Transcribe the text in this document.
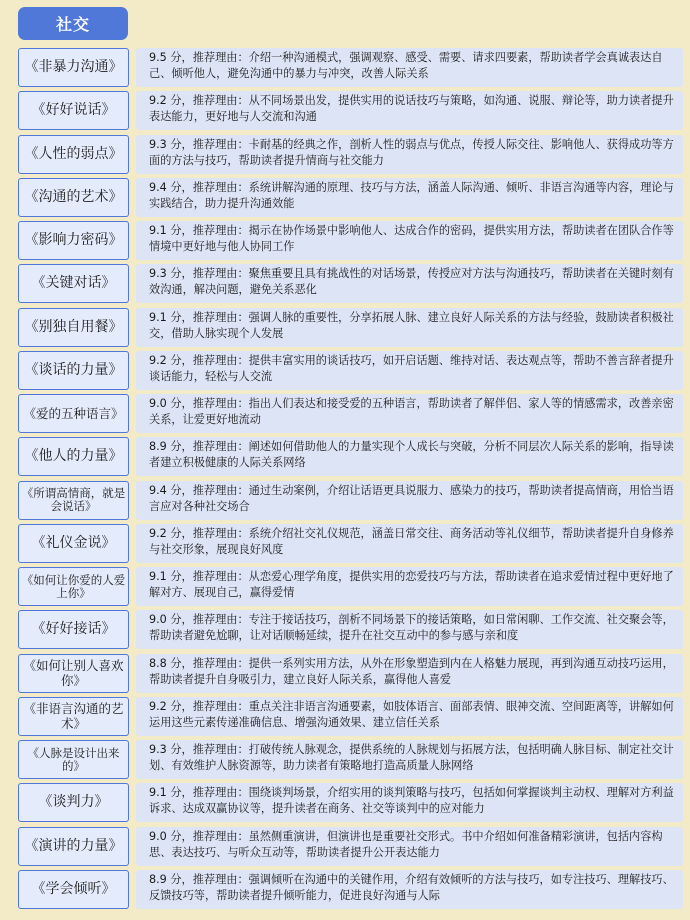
社交
《非暴力沟通》
9.5 分，推荐理由：介绍一种沟通模式，强调观察、感受、需要、请求四要素，帮助读者学会真诚表达自己、倾听他人，避免沟通中的暴力与冲突，改善人际关系
《好好说话》
9.2 分，推荐理由：从不同场景出发，提供实用的说话技巧与策略，如沟通、说服、辩论等，助力读者提升表达能力，更好地与人交流和沟通
《人性的弱点》
9.3 分，推荐理由：卡耐基的经典之作，剖析人性的弱点与优点，传授人际交往、影响他人、获得成功等方面的方法与技巧，帮助读者提升情商与社交能力
《沟通的艺术》
9.4 分，推荐理由：系统讲解沟通的原理、技巧与方法，涵盖人际沟通、倾听、非语言沟通等内容，理论与实践结合，助力提升沟通效能
《影响力密码》
9.1 分，推荐理由：揭示在协作场景中影响他人、达成合作的密码，提供实用方法，帮助读者在团队合作等情境中更好地与他人协同工作
《关键对话》
9.3 分，推荐理由：聚焦重要且具有挑战性的对话场景，传授应对方法与沟通技巧，帮助读者在关键时刻有效沟通，解决问题，避免关系恶化
《别独自用餐》
9.1 分，推荐理由：强调人脉的重要性，分享拓展人脉、建立良好人际关系的方法与经验，鼓励读者积极社交，借助人脉实现个人发展
《谈话的力量》
9.2 分，推荐理由：提供丰富实用的谈话技巧，如开启话题、维持对话、表达观点等，帮助不善言辞者提升谈话能力，轻松与人交流
《爱的五种语言》
9.0 分，推荐理由：指出人们表达和接受爱的五种语言，帮助读者了解伴侣、家人等的情感需求，改善亲密关系，让爱更好地流动
《他人的力量》
8.9 分，推荐理由：阐述如何借助他人的力量实现个人成长与突破，分析不同层次人际关系的影响，指导读者建立积极健康的人际关系网络
《所谓高情商，就是会说话》
9.4 分，推荐理由：通过生动案例，介绍让话语更具说服力、感染力的技巧，帮助读者提高情商，用恰当语言应对各种社交场合
《礼仪金说》
9.2 分，推荐理由：系统介绍社交礼仪规范，涵盖日常交往、商务活动等礼仪细节，帮助读者提升自身修养与社交形象，展现良好风度
《如何让你爱的人爱上你》
9.1 分，推荐理由：从恋爱心理学角度，提供实用的恋爱技巧与方法，帮助读者在追求爱情过程中更好地了解对方、展现自己，赢得爱情
《好好接话》
9.0 分，推荐理由：专注于接话技巧，剖析不同场景下的接话策略，如日常闲聊、工作交流、社交聚会等，帮助读者避免尬聊，让对话顺畅延续，提升在社交互动中的参与感与亲和度
《如何让别人喜欢你》
8.8 分，推荐理由：提供一系列实用方法，从外在形象塑造到内在人格魅力展现，再到沟通互动技巧运用，帮助读者提升自身吸引力，建立良好人际关系，赢得他人喜爱
《非语言沟通的艺术》
9.2 分，推荐理由：重点关注非语言沟通要素，如肢体语言、面部表情、眼神交流、空间距离等，讲解如何运用这些元素传递准确信息、增强沟通效果、建立信任关系
《人脉是设计出来的》
9.3 分，推荐理由：打破传统人脉观念，提供系统的人脉规划与拓展方法，包括明确人脉目标、制定社交计划、有效维护人脉资源等，助力读者有策略地打造高质量人脉网络
《谈判力》
9.1 分，推荐理由：围绕谈判场景，介绍实用的谈判策略与技巧，包括如何掌握谈判主动权、理解对方利益诉求、达成双赢协议等，提升读者在商务、社交等谈判中的应对能力
《演讲的力量》
9.0 分，推荐理由：虽然侧重演讲，但演讲也是重要社交形式。书中介绍如何准备精彩演讲，包括内容构思、表达技巧、与听众互动等，帮助读者提升公开表达能力
《学会倾听》
8.9 分，推荐理由：强调倾听在沟通中的关键作用，介绍有效倾听的方法与技巧，如专注技巧、理解技巧、反馈技巧等，帮助读者提升倾听能力，促进良好沟通与人际
